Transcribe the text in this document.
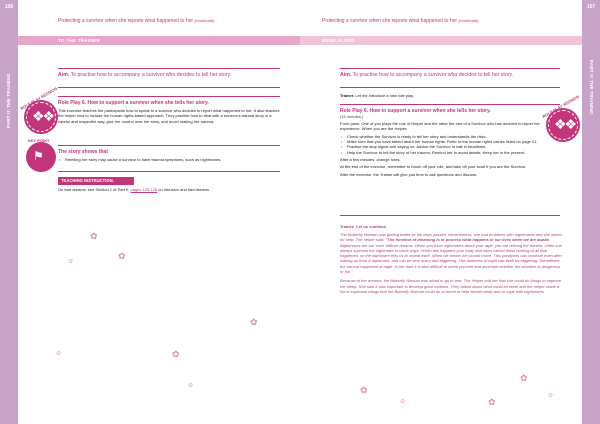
106
PART II: THE TRAINING
107
PART II: THE TRAINING
Protecting a survivor when she reports what happened to her (continued)	Protecting a survivor when she reports what happened to her (continued)
TO THE TRAINER	READ ALOUD
Aim. To practise how to accompany a survivor who decides to tell her story.
ROLE PLAY SESSION
❖❖
Role Play 6. How to support a survivor when she tells her story.

This exercise teaches the participants how to speak to a survivor who decides to report what happened to her. It also teaches the helper how to include the human rights-based approach. They practise how to deal with a survivor's trauma story in a careful and respectful way, give her control over her story, and avoid making her trauma.

KEY POINT
⚑	The story shows that
• Retelling her story may cause a survivor to have trauma symptoms, such as nightmares.
TEACHING INSTRUCTION.
On bad dreams, see Section 1 of Part II, pages 125-126 on intrusion and bad dreams.
✿
✿
✿
✿
✿
✿
✿
Aim. To practise how to accompany a survivor who decides to tell her story.
Trainer. Let me introduce a new role play.	ROLE PLAY SESSION
❖❖
Role Play 6. How to support a survivor when she tells her story.
(15 minutes.)

Form pairs. One of you plays the role of Helper and the other the role of a Survivor who has decided to report her experience. When you are the Helper:

• Check whether the Survivor is ready to tell her story and understands the risks.
• Make sure that you have talked about her human rights. Refer to the human rights values listed on page 21.
• Practise the stop signal and saying no. Advise the Survivor to talk in headlines.
• Help the Survivor to tell the story of her trauma. Remind her to avoid details. Keep her in the present.

After a few minutes, change roles.

At the end of the exercise, remember to brush off your role, and take off your scarf if you are the Survivor.

After the exercise, the Trainer will give you time to ask questions and discuss.

Trainee. Let us continue.

The Butterfly Woman was getting better as the days passed. Nevertheless, she had problems with nightmares and she asked for help. The helper said: "The function of dreaming is to process what happens in our lives when we are awake. Nightmares are our 'cure' difficult dreams. When you have nightmares about your rape, you are reliving the trauma. Often she always survives the nightmare in some ways. When this happens your body and mind cannot finish nothing at all that happened, so the nightmare tells us to repeat itself. When we dream we cannot move. This paralyses can continue even after waking up from a nightmare, and can be very scary and triggering. The darkness of night can itself be triggering. Sometimes the trauma happened at night. In the dark it is also difficult to orient yourself and ascertain whether the situation is dangerous or not."

Because of her dreams, the Butterfly Woman was afraid to go to bed. The Helper told her that she could do things to improve her sleep. She said it was important to develop good routines. They talked about what could be done and the helper made a list of important things that the Butterfly Woman could do at home to help herself sleep and to cope with nightmares.

✿
✿
✿
✿
✿
